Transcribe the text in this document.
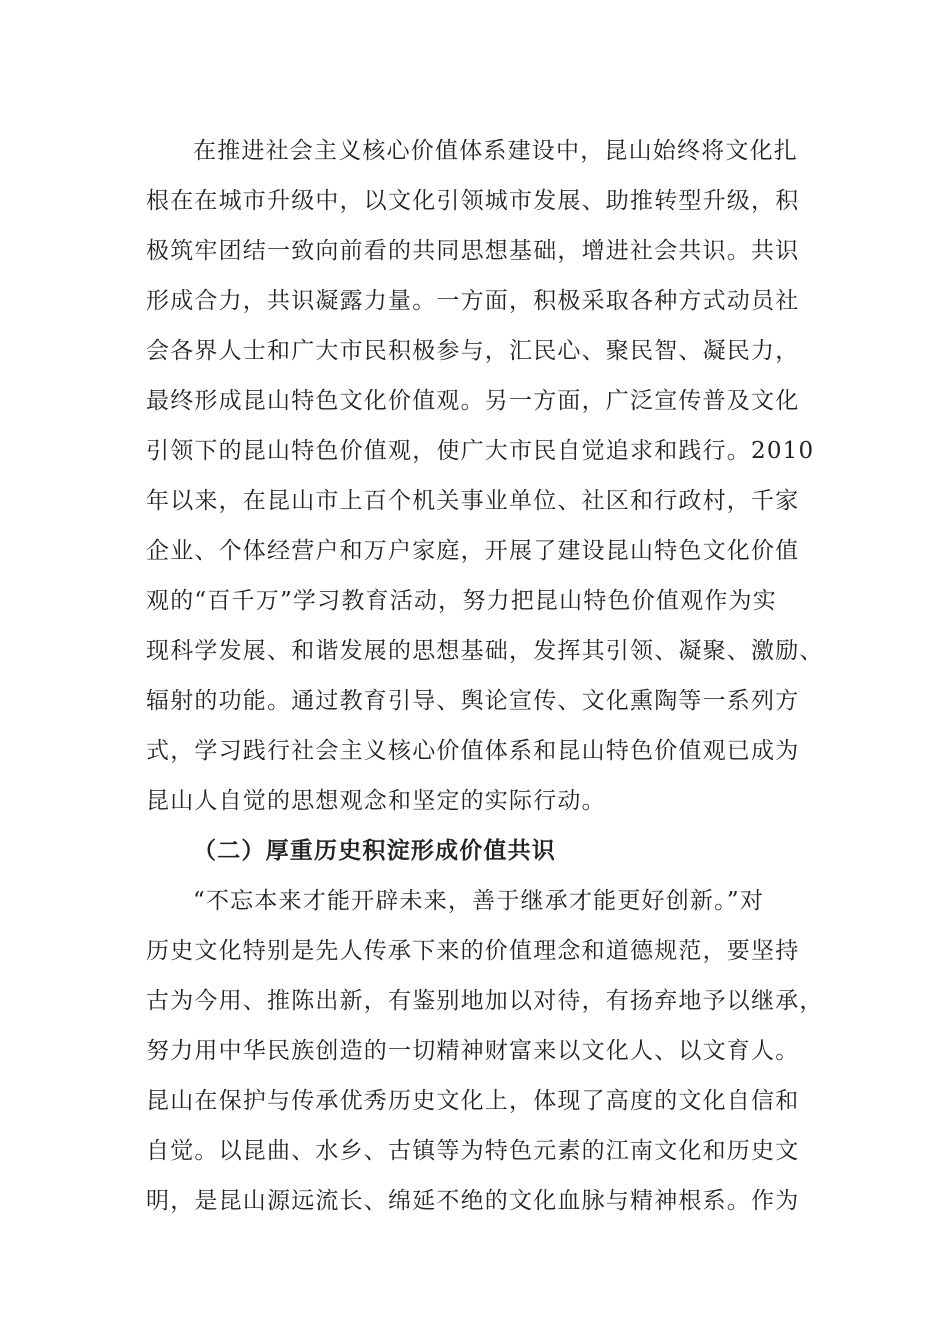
在推进社会主义核心价值体系建设中，昆山始终将文化扎

根在在城市升级中，以文化引领城市发展、助推转型升级，积

极筑牢团结一致向前看的共同思想基础，增进社会共识。共识

形成合力，共识凝露力量。一方面，积极采取各种方式动员社

会各界人士和广大市民积极参与，汇民心、聚民智、凝民力，

最终形成昆山特色文化价值观。另一方面，广泛宣传普及文化

引领下的昆山特色价值观，使广大市民自觉追求和践行。2010

年以来，在昆山市上百个机关事业单位、社区和行政村，千家

企业、个体经营户和万户家庭，开展了建设昆山特色文化价值

观的“百千万”学习教育活动，努力把昆山特色价值观作为实

现科学发展、和谐发展的思想基础，发挥其引领、凝聚、激励、

辐射的功能。通过教育引导、舆论宣传、文化熏陶等一系列方

式，学习践行社会主义核心价值体系和昆山特色价值观已成为

昆山人自觉的思想观念和坚定的实际行动。

（二）厚重历史积淀形成价值共识

“不忘本来才能开辟未来，善于继承才能更好创新。”对

历史文化特别是先人传承下来的价值理念和道德规范，要坚持

古为今用、推陈出新，有鉴别地加以对待，有扬弃地予以继承，

努力用中华民族创造的一切精神财富来以文化人、以文育人。

昆山在保护与传承优秀历史文化上，体现了高度的文化自信和

自觉。以昆曲、水乡、古镇等为特色元素的江南文化和历史文

明，是昆山源远流长、绵延不绝的文化血脉与精神根系。作为
